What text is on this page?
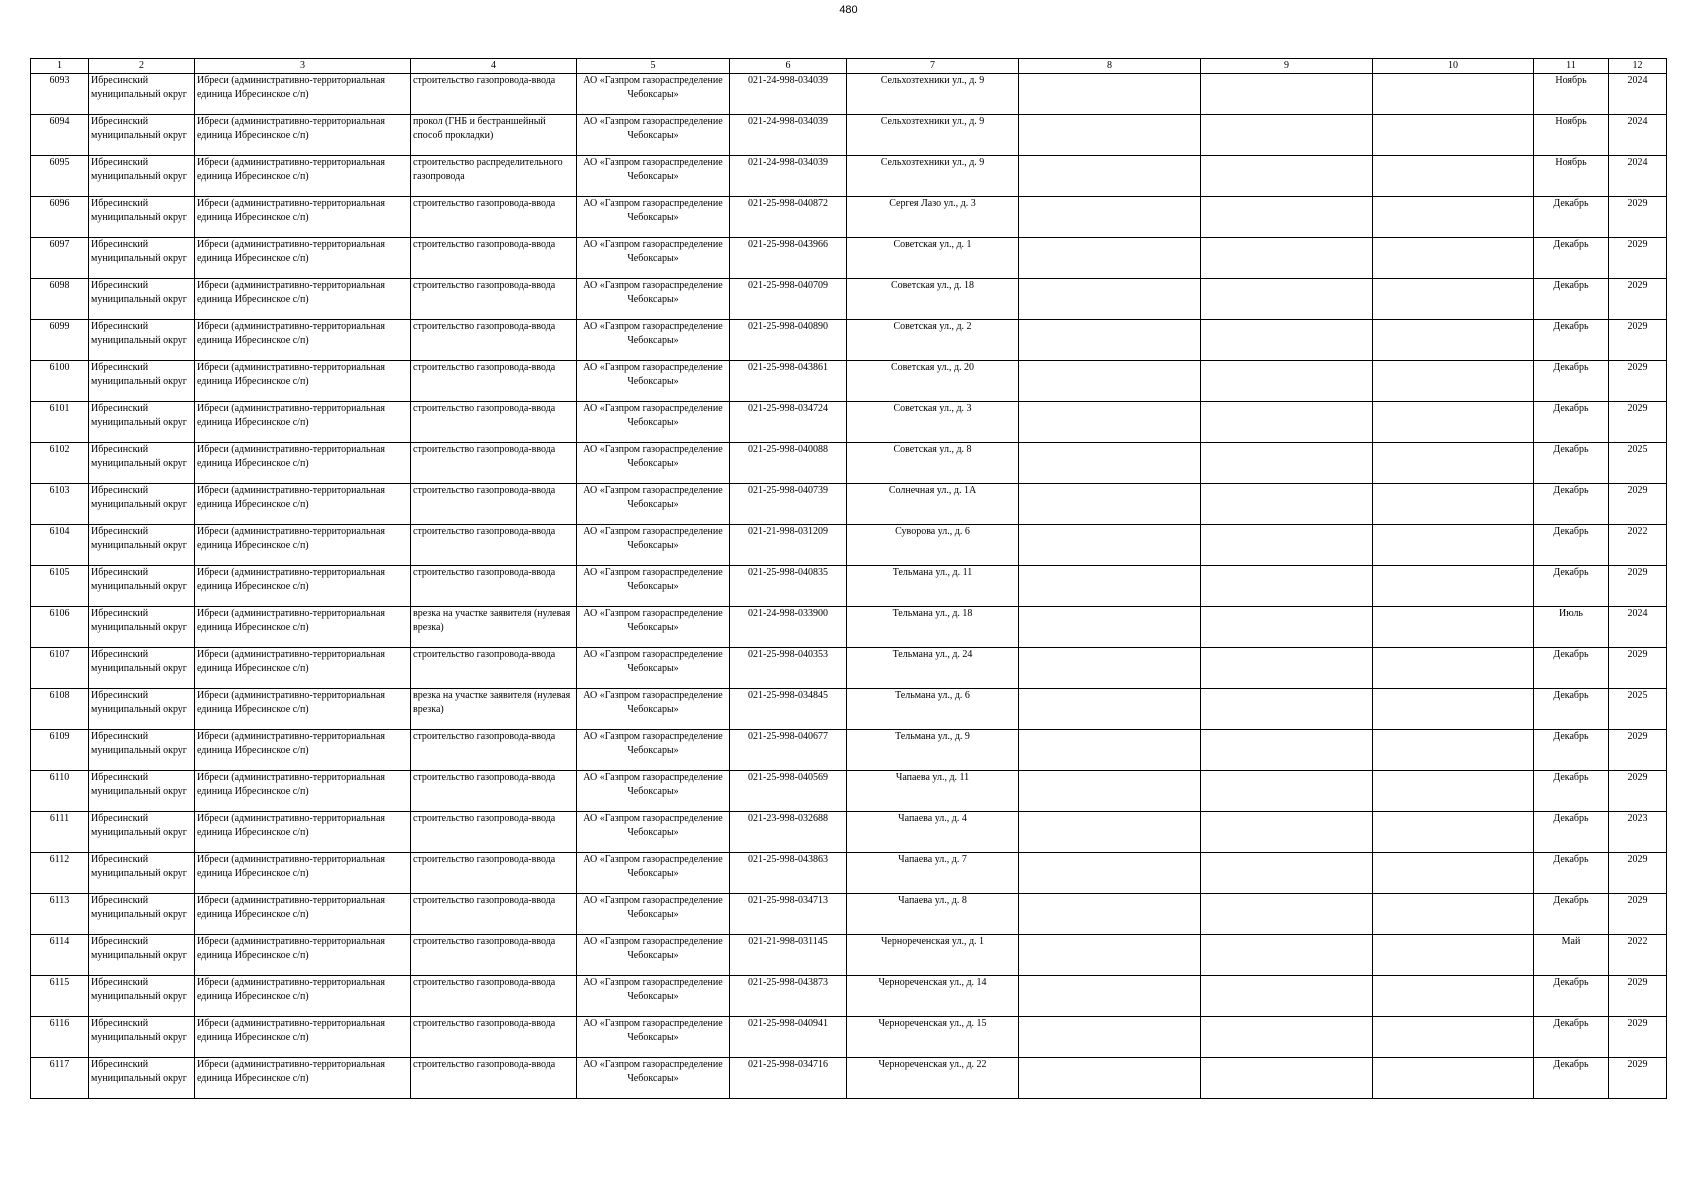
480
1	2	3	4	5	6	7	8	9	10	11	12

6093	Ибресинский муниципальный округ	Ибреси (административно-территориальная единица Ибресинское с/п)	строительство газопровода-ввода	АО «Газпром газораспределение Чебоксары»	021-24-998-034039	Сельхозтехники ул., д. 9				Ноябрь	2024

6094	Ибресинский муниципальный округ	Ибреси (административно-территориальная единица Ибресинское с/п)	прокол (ГНБ и бестраншейный способ прокладки)	АО «Газпром газораспределение Чебоксары»	021-24-998-034039	Сельхозтехники ул., д. 9				Ноябрь	2024

6095	Ибресинский муниципальный округ	Ибреси (административно-территориальная единица Ибресинское с/п)	строительство распределительного газопровода	АО «Газпром газораспределение Чебоксары»	021-24-998-034039	Сельхозтехники ул., д. 9				Ноябрь	2024

6096	Ибресинский муниципальный округ	Ибреси (административно-территориальная единица Ибресинское с/п)	строительство газопровода-ввода	АО «Газпром газораспределение Чебоксары»	021-25-998-040872	Сергея Лазо ул., д. 3				Декабрь	2029

6097	Ибресинский муниципальный округ	Ибреси (административно-территориальная единица Ибресинское с/п)	строительство газопровода-ввода	АО «Газпром газораспределение Чебоксары»	021-25-998-043966	Советская ул., д. 1				Декабрь	2029

6098	Ибресинский муниципальный округ	Ибреси (административно-территориальная единица Ибресинское с/п)	строительство газопровода-ввода	АО «Газпром газораспределение Чебоксары»	021-25-998-040709	Советская ул., д. 18				Декабрь	2029

6099	Ибресинский муниципальный округ	Ибреси (административно-территориальная единица Ибресинское с/п)	строительство газопровода-ввода	АО «Газпром газораспределение Чебоксары»	021-25-998-040890	Советская ул., д. 2				Декабрь	2029

6100	Ибресинский муниципальный округ	Ибреси (административно-территориальная единица Ибресинское с/п)	строительство газопровода-ввода	АО «Газпром газораспределение Чебоксары»	021-25-998-043861	Советская ул., д. 20				Декабрь	2029

6101	Ибресинский муниципальный округ	Ибреси (административно-территориальная единица Ибресинское с/п)	строительство газопровода-ввода	АО «Газпром газораспределение Чебоксары»	021-25-998-034724	Советская ул., д. 3				Декабрь	2029

6102	Ибресинский муниципальный округ	Ибреси (административно-территориальная единица Ибресинское с/п)	строительство газопровода-ввода	АО «Газпром газораспределение Чебоксары»	021-25-998-040088	Советская ул., д. 8				Декабрь	2025

6103	Ибресинский муниципальный округ	Ибреси (административно-территориальная единица Ибресинское с/п)	строительство газопровода-ввода	АО «Газпром газораспределение Чебоксары»	021-25-998-040739	Солнечная ул., д. 1А				Декабрь	2029

6104	Ибресинский муниципальный округ	Ибреси (административно-территориальная единица Ибресинское с/п)	строительство газопровода-ввода	АО «Газпром газораспределение Чебоксары»	021-21-998-031209	Суворова ул., д. 6				Декабрь	2022

6105	Ибресинский муниципальный округ	Ибреси (административно-территориальная единица Ибресинское с/п)	строительство газопровода-ввода	АО «Газпром газораспределение Чебоксары»	021-25-998-040835	Тельмана ул., д. 11				Декабрь	2029

6106	Ибресинский муниципальный округ	Ибреси (административно-территориальная единица Ибресинское с/п)	врезка на участке заявителя (нулевая врезка)	АО «Газпром газораспределение Чебоксары»	021-24-998-033900	Тельмана ул., д. 18				Июль	2024

6107	Ибресинский муниципальный округ	Ибреси (административно-территориальная единица Ибресинское с/п)	строительство газопровода-ввода	АО «Газпром газораспределение Чебоксары»	021-25-998-040353	Тельмана ул., д. 24				Декабрь	2029

6108	Ибресинский муниципальный округ	Ибреси (административно-территориальная единица Ибресинское с/п)	врезка на участке заявителя (нулевая врезка)	АО «Газпром газораспределение Чебоксары»	021-25-998-034845	Тельмана ул., д. 6				Декабрь	2025

6109	Ибресинский муниципальный округ	Ибреси (административно-территориальная единица Ибресинское с/п)	строительство газопровода-ввода	АО «Газпром газораспределение Чебоксары»	021-25-998-040677	Тельмана ул., д. 9				Декабрь	2029

6110	Ибресинский муниципальный округ	Ибреси (административно-территориальная единица Ибресинское с/п)	строительство газопровода-ввода	АО «Газпром газораспределение Чебоксары»	021-25-998-040569	Чапаева ул., д. 11				Декабрь	2029

6111	Ибресинский муниципальный округ	Ибреси (административно-территориальная единица Ибресинское с/п)	строительство газопровода-ввода	АО «Газпром газораспределение Чебоксары»	021-23-998-032688	Чапаева ул., д. 4				Декабрь	2023

6112	Ибресинский муниципальный округ	Ибреси (административно-территориальная единица Ибресинское с/п)	строительство газопровода-ввода	АО «Газпром газораспределение Чебоксары»	021-25-998-043863	Чапаева ул., д. 7				Декабрь	2029

6113	Ибресинский муниципальный округ	Ибреси (административно-территориальная единица Ибресинское с/п)	строительство газопровода-ввода	АО «Газпром газораспределение Чебоксары»	021-25-998-034713	Чапаева ул., д. 8				Декабрь	2029

6114	Ибресинский муниципальный округ	Ибреси (административно-территориальная единица Ибресинское с/п)	строительство газопровода-ввода	АО «Газпром газораспределение Чебоксары»	021-21-998-031145	Чернореченская ул., д. 1				Май	2022

6115	Ибресинский муниципальный округ	Ибреси (административно-территориальная единица Ибресинское с/п)	строительство газопровода-ввода	АО «Газпром газораспределение Чебоксары»	021-25-998-043873	Чернореченская ул., д. 14				Декабрь	2029

6116	Ибресинский муниципальный округ	Ибреси (административно-территориальная единица Ибресинское с/п)	строительство газопровода-ввода	АО «Газпром газораспределение Чебоксары»	021-25-998-040941	Чернореченская ул., д. 15				Декабрь	2029

6117	Ибресинский муниципальный округ	Ибреси (административно-территориальная единица Ибресинское с/п)	строительство газопровода-ввода	АО «Газпром газораспределение Чебоксары»	021-25-998-034716	Чернореченская ул., д. 22				Декабрь	2029
